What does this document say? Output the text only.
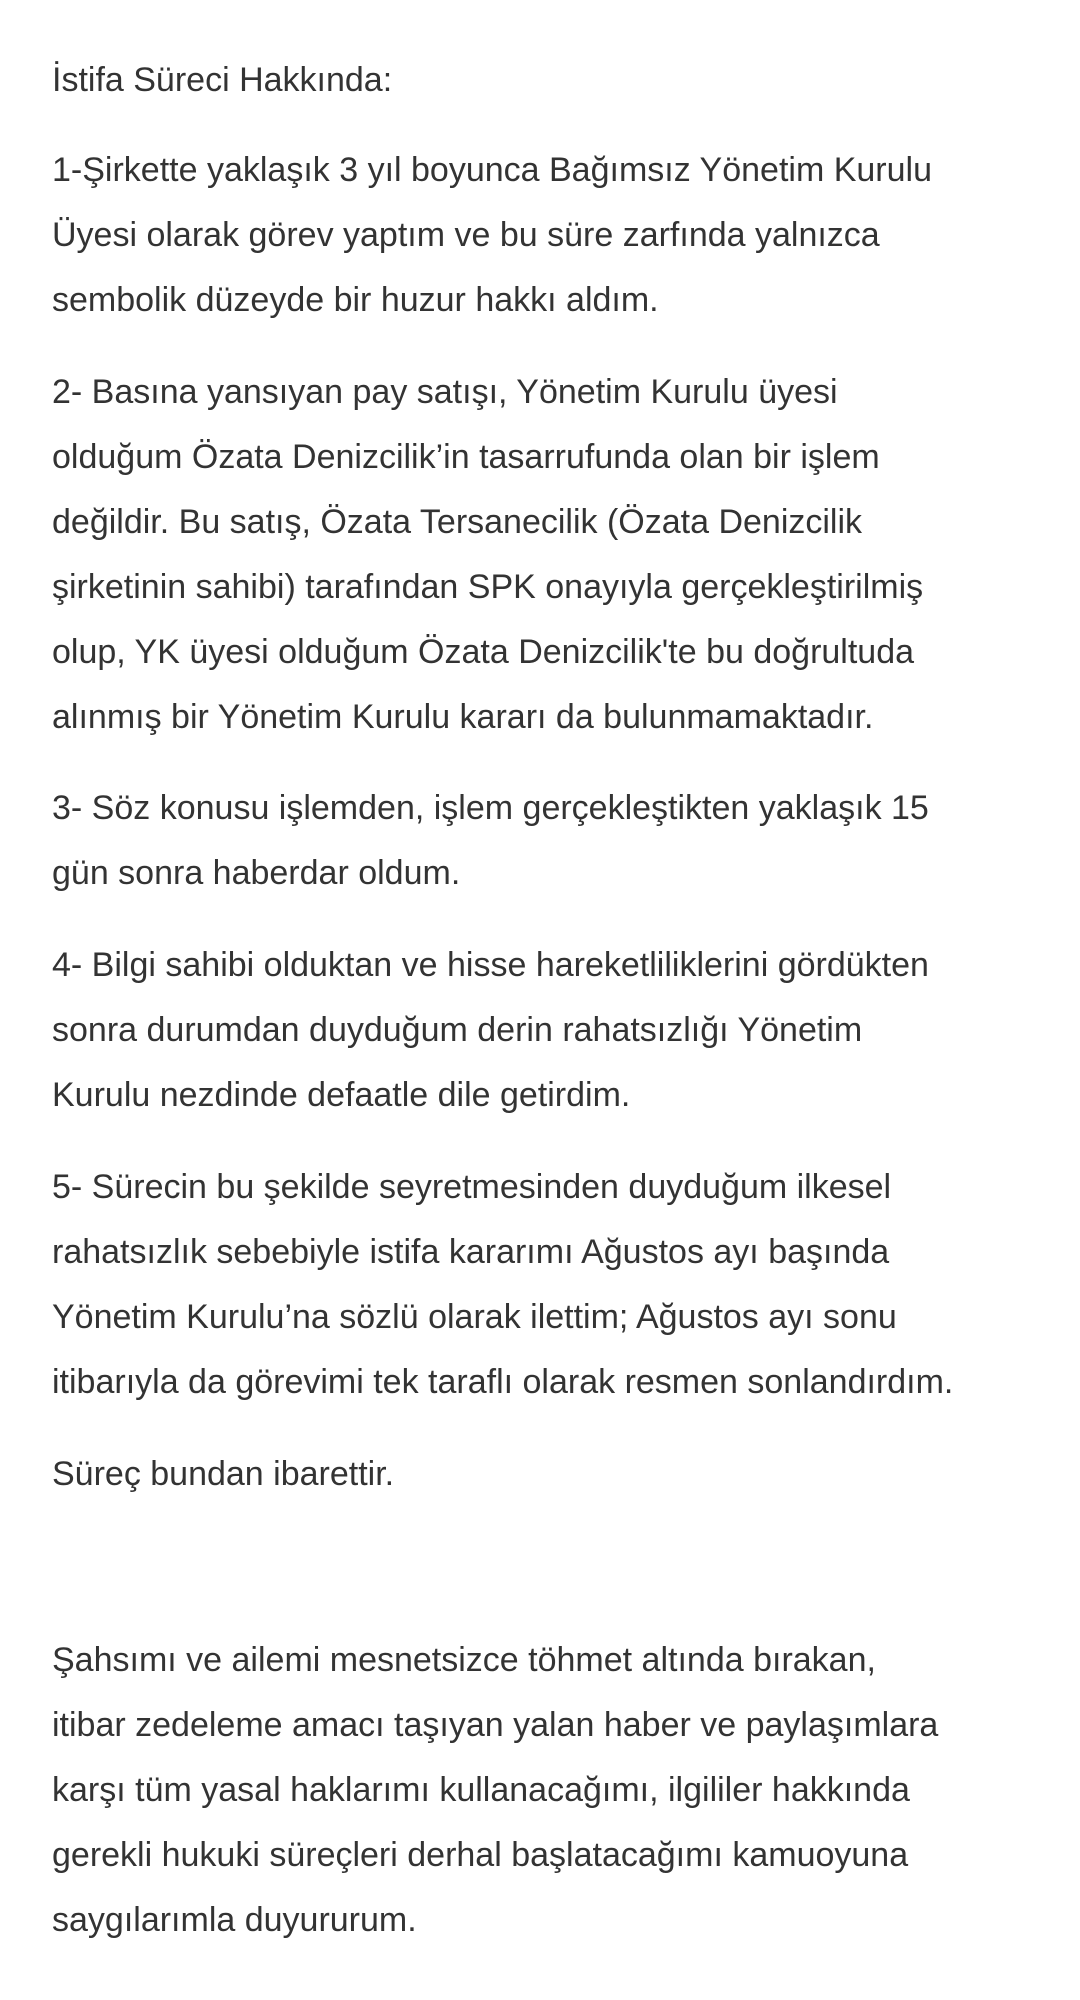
İstifa Süreci Hakkında:
1-Şirkette yaklaşık 3 yıl boyunca Bağımsız Yönetim Kurulu
Üyesi olarak görev yaptım ve bu süre zarfında yalnızca
sembolik düzeyde bir huzur hakkı aldım.
2- Basına yansıyan pay satışı, Yönetim Kurulu üyesi
olduğum Özata Denizcilik’in tasarrufunda olan bir işlem
değildir. Bu satış, Özata Tersanecilik (Özata Denizcilik
şirketinin sahibi) tarafından SPK onayıyla gerçekleştirilmiş
olup, YK üyesi olduğum Özata Denizcilik'te bu doğrultuda
alınmış bir Yönetim Kurulu kararı da bulunmamaktadır.
3- Söz konusu işlemden, işlem gerçekleştikten yaklaşık 15
gün sonra haberdar oldum.
4- Bilgi sahibi olduktan ve hisse hareketliliklerini gördükten
sonra durumdan duyduğum derin rahatsızlığı Yönetim
Kurulu nezdinde defaatle dile getirdim.
5- Sürecin bu şekilde seyretmesinden duyduğum ilkesel
rahatsızlık sebebiyle istifa kararımı Ağustos ayı başında
Yönetim Kurulu’na sözlü olarak ilettim; Ağustos ayı sonu
itibarıyla da görevimi tek taraflı olarak resmen sonlandırdım.
Süreç bundan ibarettir.
Şahsımı ve ailemi mesnetsizce töhmet altında bırakan,
itibar zedeleme amacı taşıyan yalan haber ve paylaşımlara
karşı tüm yasal haklarımı kullanacağımı, ilgililer hakkında
gerekli hukuki süreçleri derhal başlatacağımı kamuoyuna
saygılarımla duyururum.
